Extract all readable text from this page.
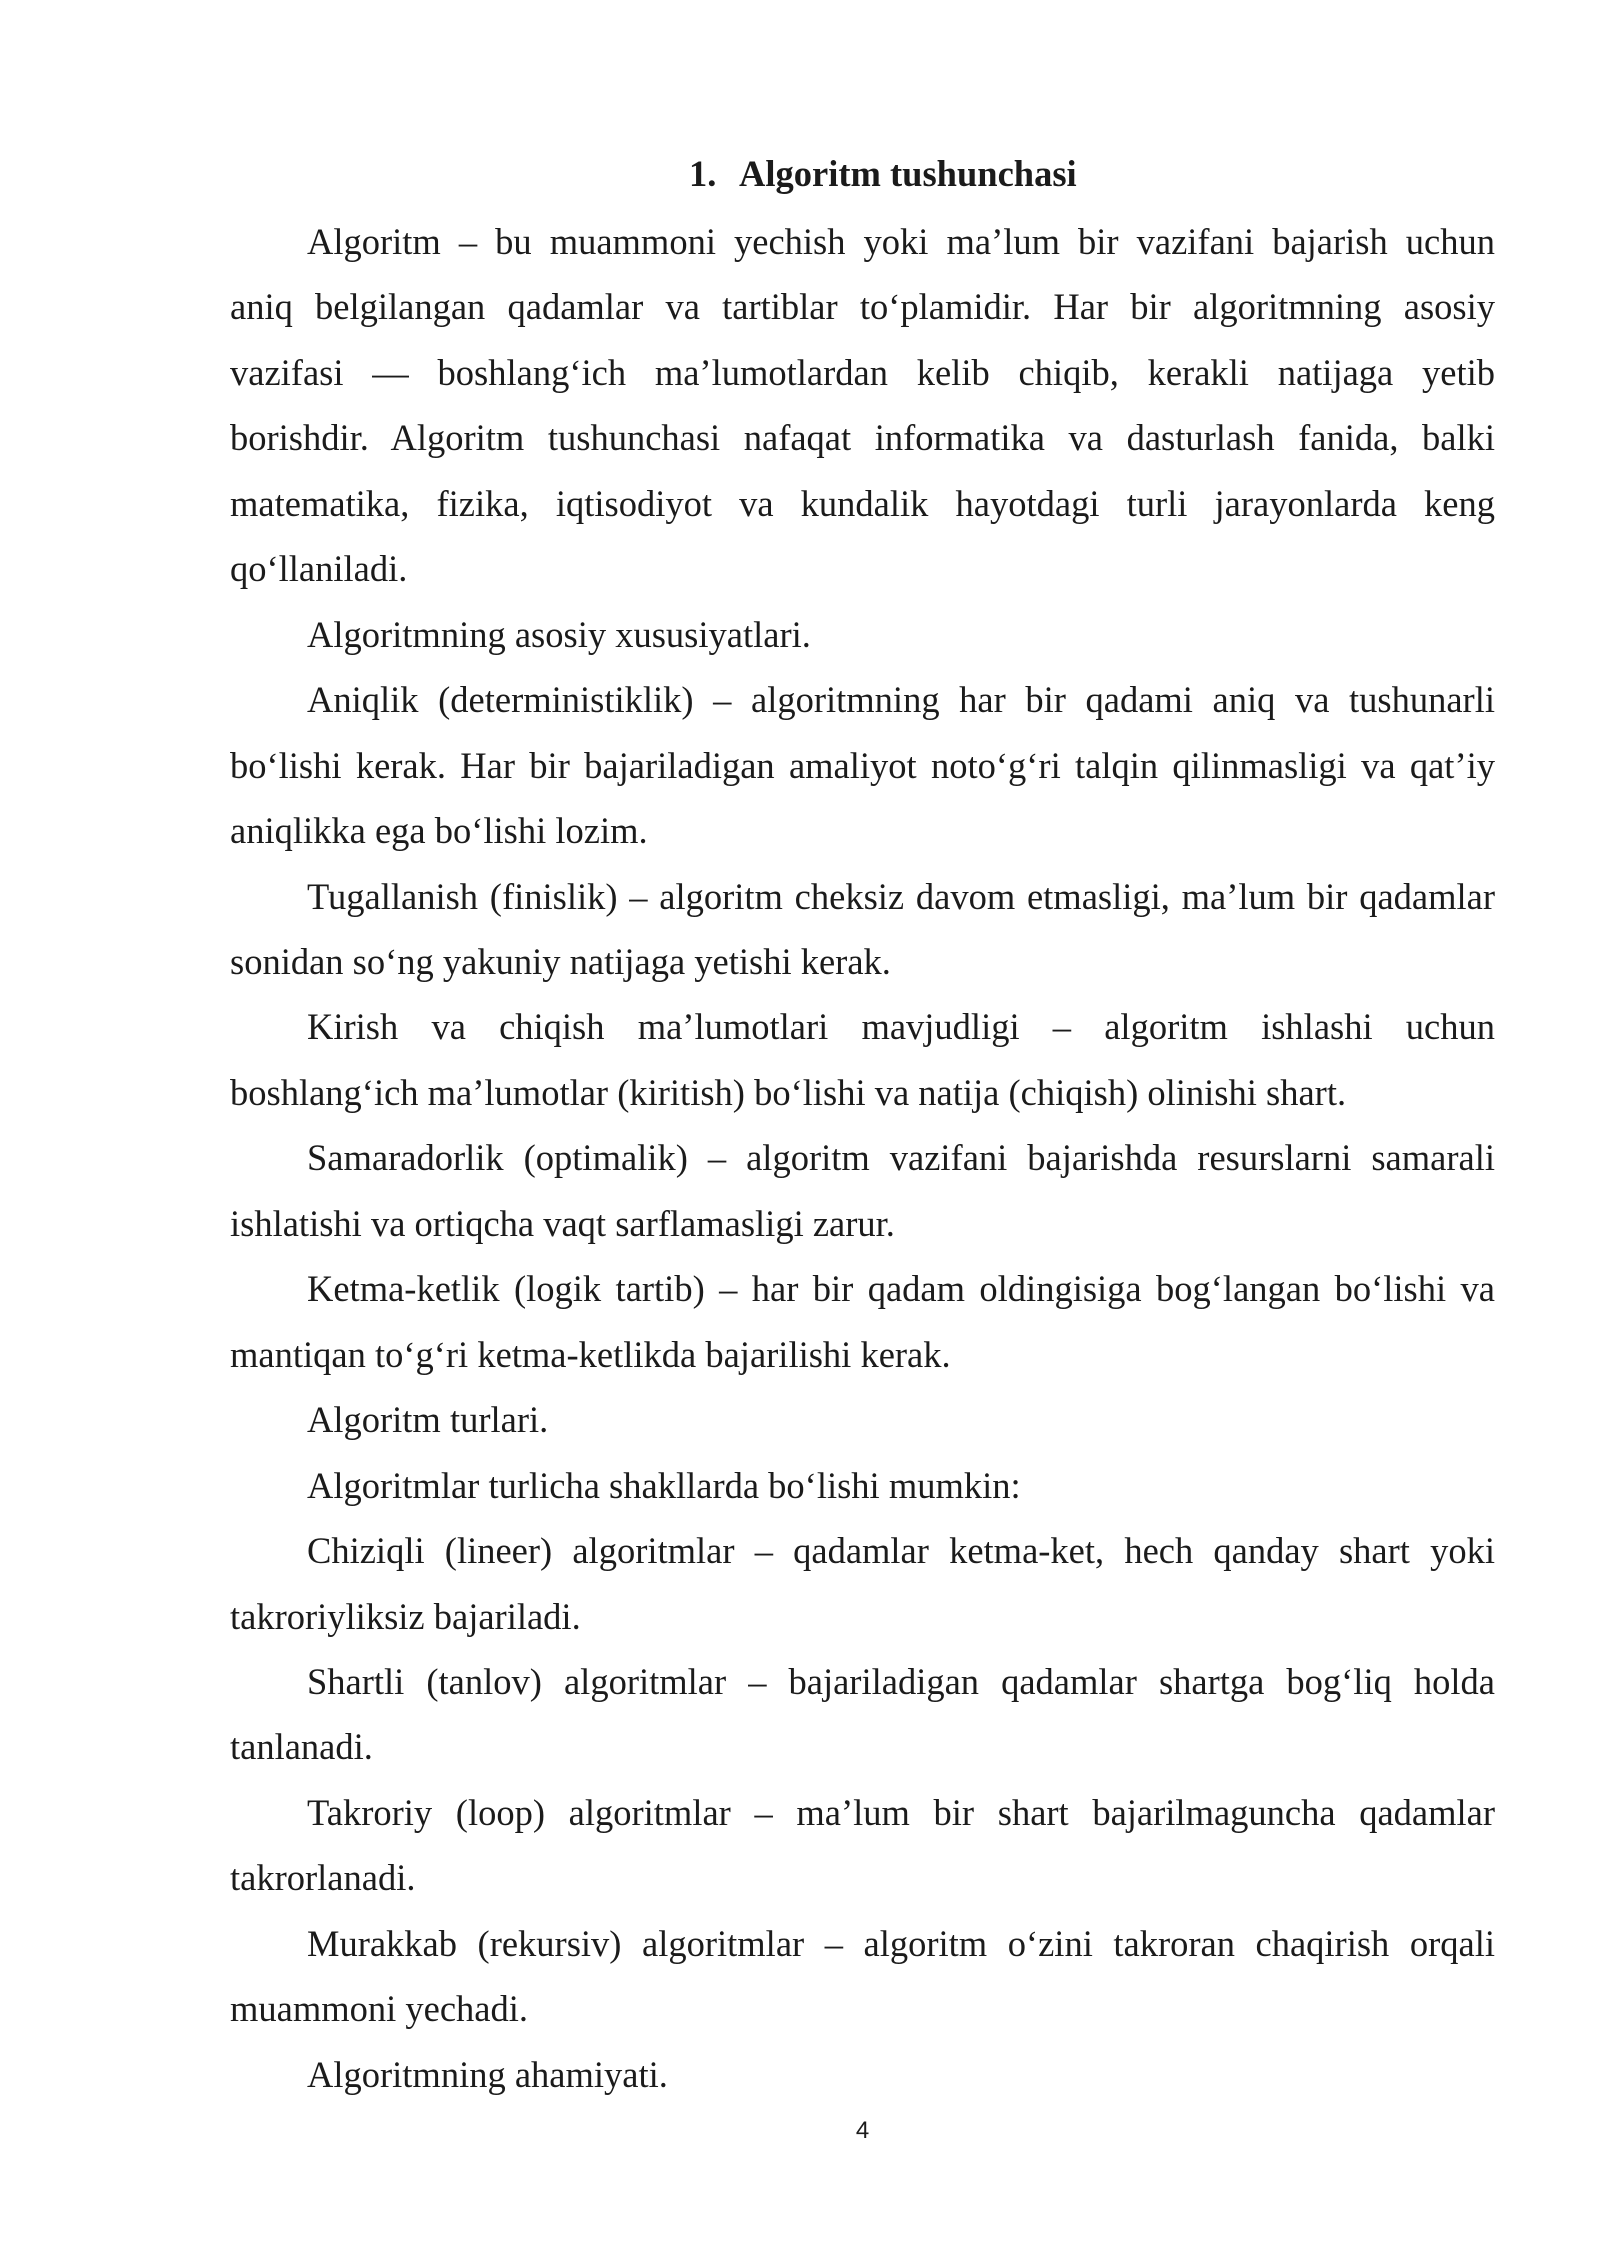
1. Algoritm tushunchasi
Algoritm – bu muammoni yechish yoki ma’lum bir vazifani bajarish uchun
aniq belgilangan qadamlar va tartiblar to‘plamidir. Har bir algoritmning asosiy
vazifasi — boshlang‘ich ma’lumotlardan kelib chiqib, kerakli natijaga yetib
borishdir. Algoritm tushunchasi nafaqat informatika va dasturlash fanida, balki
matematika, fizika, iqtisodiyot va kundalik hayotdagi turli jarayonlarda keng
qo‘llaniladi.
Algoritmning asosiy xususiyatlari.
Aniqlik (deterministiklik) – algoritmning har bir qadami aniq va tushunarli
bo‘lishi kerak. Har bir bajariladigan amaliyot noto‘g‘ri talqin qilinmasligi va qat’iy
aniqlikka ega bo‘lishi lozim.
Tugallanish (finislik) – algoritm cheksiz davom etmasligi, ma’lum bir qadamlar
sonidan so‘ng yakuniy natijaga yetishi kerak.
Kirish va chiqish ma’lumotlari mavjudligi – algoritm ishlashi uchun
boshlang‘ich ma’lumotlar (kiritish) bo‘lishi va natija (chiqish) olinishi shart.
Samaradorlik (optimalik) – algoritm vazifani bajarishda resurslarni samarali
ishlatishi va ortiqcha vaqt sarflamasligi zarur.
Ketma-ketlik (logik tartib) – har bir qadam oldingisiga bog‘langan bo‘lishi va
mantiqan to‘g‘ri ketma-ketlikda bajarilishi kerak.
Algoritm turlari.
Algoritmlar turlicha shakllarda bo‘lishi mumkin:
Chiziqli (lineer) algoritmlar – qadamlar ketma-ket, hech qanday shart yoki
takroriyliksiz bajariladi.
Shartli (tanlov) algoritmlar – bajariladigan qadamlar shartga bog‘liq holda
tanlanadi.
Takroriy (loop) algoritmlar – ma’lum bir shart bajarilmaguncha qadamlar
takrorlanadi.
Murakkab (rekursiv) algoritmlar – algoritm o‘zini takroran chaqirish orqali
muammoni yechadi.
Algoritmning ahamiyati.
4
